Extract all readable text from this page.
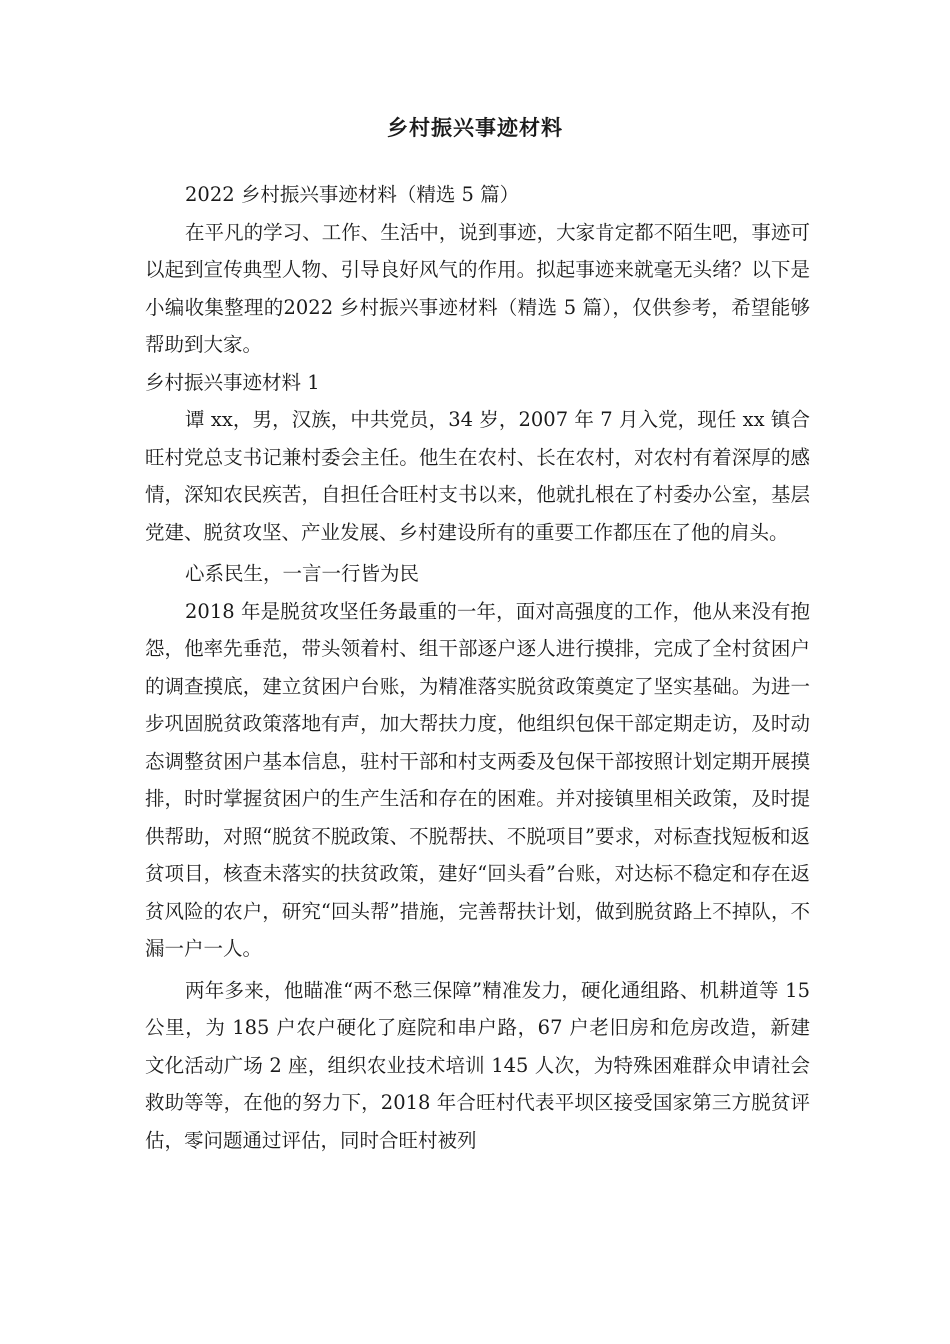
乡村振兴事迹材料

2022 乡村振兴事迹材料（精选 5 篇）

在平凡的学习、工作、生活中，说到事迹，大家肯定都不陌生吧，事迹可以起到宣传典型人物、引导良好风气的作用。拟起事迹来就毫无头绪？以下是小编收集整理的2022 乡村振兴事迹材料（精选 5 篇），仅供参考，希望能够帮助到大家。

乡村振兴事迹材料 1

谭 xx，男，汉族，中共党员，34 岁，2007 年 7 月入党，现任 xx 镇合旺村党总支书记兼村委会主任。他生在农村、长在农村，对农村有着深厚的感情，深知农民疾苦，自担任合旺村支书以来，他就扎根在了村委办公室，基层党建、脱贫攻坚、产业发展、乡村建设所有的重要工作都压在了他的肩头。

心系民生，一言一行皆为民

2018 年是脱贫攻坚任务最重的一年，面对高强度的工作，他从来没有抱怨，他率先垂范，带头领着村、组干部逐户逐人进行摸排，完成了全村贫困户的调查摸底，建立贫困户台账，为精准落实脱贫政策奠定了坚实基础。为进一步巩固脱贫政策落地有声，加大帮扶力度，他组织包保干部定期走访，及时动态调整贫困户基本信息，驻村干部和村支两委及包保干部按照计划定期开展摸排，时时掌握贫困户的生产生活和存在的困难。并对接镇里相关政策，及时提供帮助，对照“脱贫不脱政策、不脱帮扶、不脱项目”要求，对标查找短板和返贫项目，核查未落实的扶贫政策，建好“回头看”台账，对达标不稳定和存在返贫风险的农户，研究“回头帮”措施，完善帮扶计划，做到脱贫路上不掉队，不漏一户一人。

两年多来，他瞄准“两不愁三保障”精准发力，硬化通组路、机耕道等 15 公里，为 185 户农户硬化了庭院和串户路，67 户老旧房和危房改造，新建文化活动广场 2 座，组织农业技术培训 145 人次，为特殊困难群众申请社会救助等等，在他的努力下，2018 年合旺村代表平坝区接受国家第三方脱贫评估，零问题通过评估，同时合旺村被列
